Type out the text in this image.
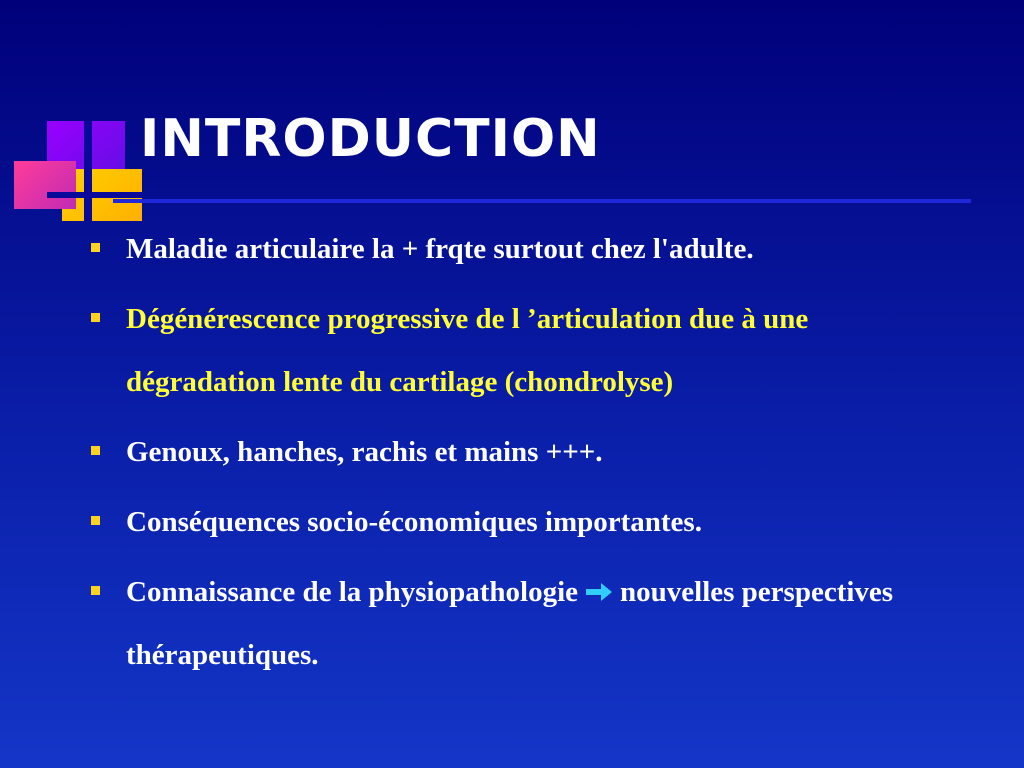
INTRODUCTION
Maladie articulaire la + frqte surtout chez l'adulte.
Dégénérescence progressive de l ’articulation due à une dégradation lente du cartilage (chondrolyse)
Genoux, hanches, rachis et mains +++.
Conséquences socio-économiques importantes.
Connaissance de la physiopathologie nouvelles perspectives thérapeutiques.
